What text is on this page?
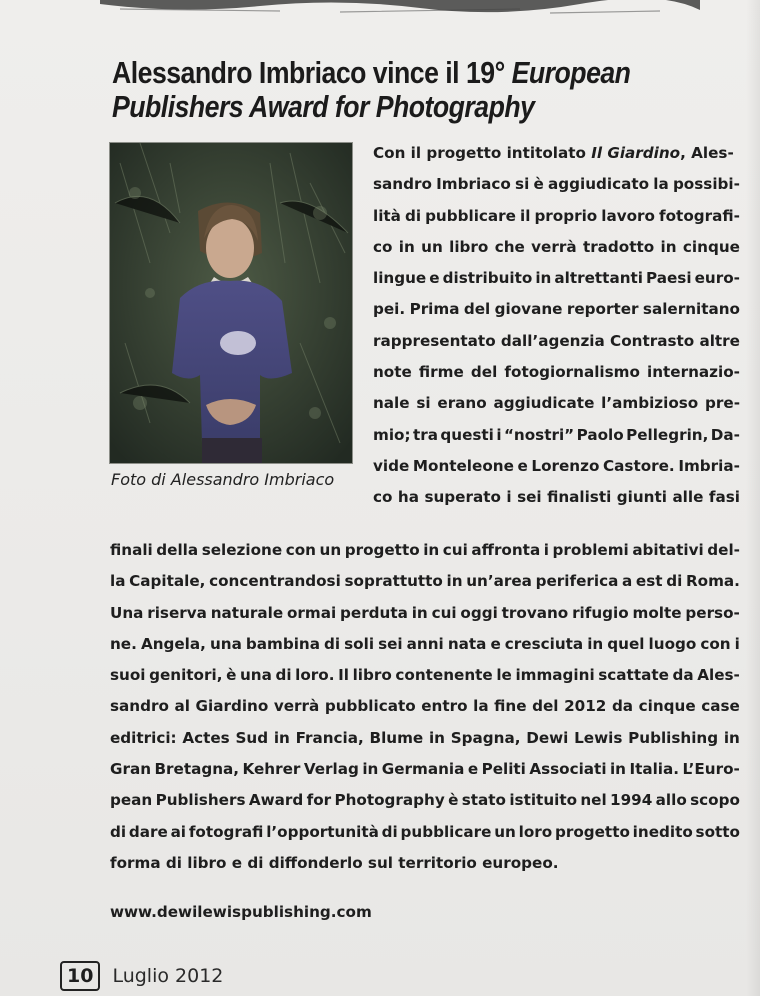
Alessandro Imbriaco vince il 19° European
Publishers Award for Photography
Foto di Alessandro Imbriaco
Con il progetto intitolato Il Giardino, Ales-
sandro Imbriaco si è aggiudicato la possibi-
lità di pubblicare il proprio lavoro fotografi-
co in un libro che verrà tradotto in cinque
lingue e distribuito in altrettanti Paesi euro-
pei. Prima del giovane reporter salernitano
rappresentato dall’agenzia Contrasto altre
note firme del fotogiornalismo internazio-
nale si erano aggiudicate l’ambizioso pre-
mio; tra questi i “nostri” Paolo Pellegrin, Da-
vide Monteleone e Lorenzo Castore. Imbria-
co ha superato i sei finalisti giunti alle fasi
finali della selezione con un progetto in cui affronta i problemi abitativi del-
la Capitale, concentrandosi soprattutto in un’area periferica a est di Roma.
Una riserva naturale ormai perduta in cui oggi trovano rifugio molte perso-
ne. Angela, una bambina di soli sei anni nata e cresciuta in quel luogo con i
suoi genitori, è una di loro. Il libro contenente le immagini scattate da Ales-
sandro al Giardino verrà pubblicato entro la fine del 2012 da cinque case
editrici: Actes Sud in Francia, Blume in Spagna, Dewi Lewis Publishing in
Gran Bretagna, Kehrer Verlag in Germania e Peliti Associati in Italia. L’Euro-
pean Publishers Award for Photography è stato istituito nel 1994 allo scopo
di dare ai fotografi l’opportunità di pubblicare un loro progetto inedito sotto
forma di libro e di diffonderlo sul territorio europeo.
www.dewilewispublishing.com
10	Luglio 2012
